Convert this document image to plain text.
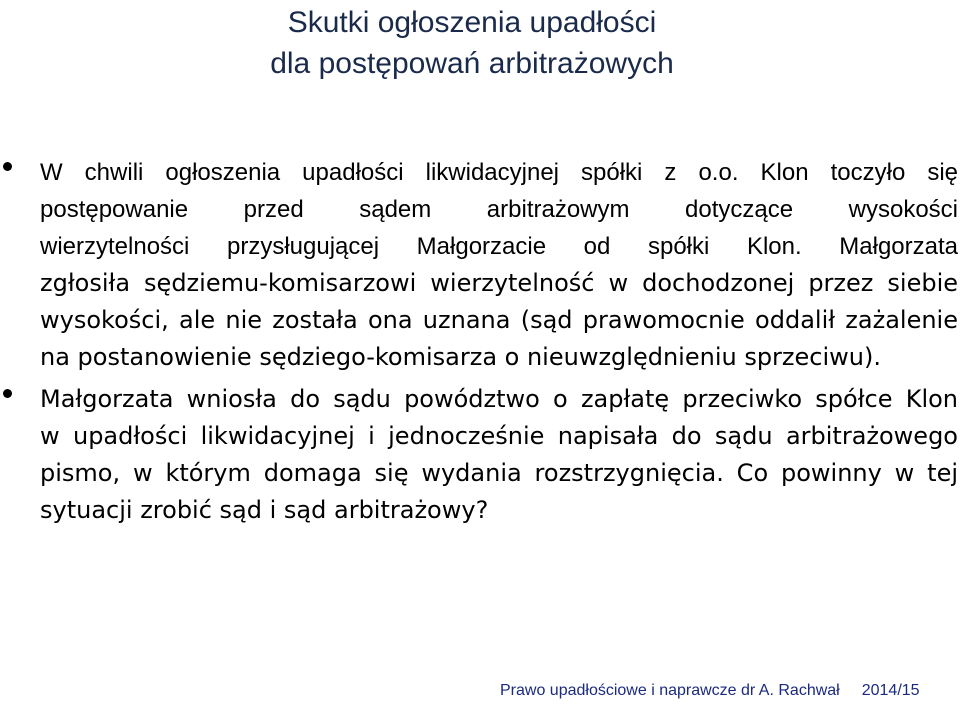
Skutki ogłoszenia upadłości
dla postępowań arbitrażowych
W chwili ogłoszenia upadłości likwidacyjnej spółki z o.o. Klon toczyło się
postępowanie przed sądem arbitrażowym dotyczące wysokości
wierzytelności przysługującej Małgorzacie od spółki Klon. Małgorzata
zgłosiła sędziemu-komisarzowi wierzytelność w dochodzonej przez siebie
wysokości, ale nie została ona uznana (sąd prawomocnie oddalił zażalenie
na postanowienie sędziego-komisarza o nieuwzględnieniu sprzeciwu).
Małgorzata wniosła do sądu powództwo o zapłatę przeciwko spółce Klon
w upadłości likwidacyjnej i jednocześnie napisała do sądu arbitrażowego
pismo, w którym domaga się wydania rozstrzygnięcia. Co powinny w tej
sytuacji zrobić sąd i sąd arbitrażowy?
Prawo upadłościowe i naprawcze dr A. Rachwał 2014/15
